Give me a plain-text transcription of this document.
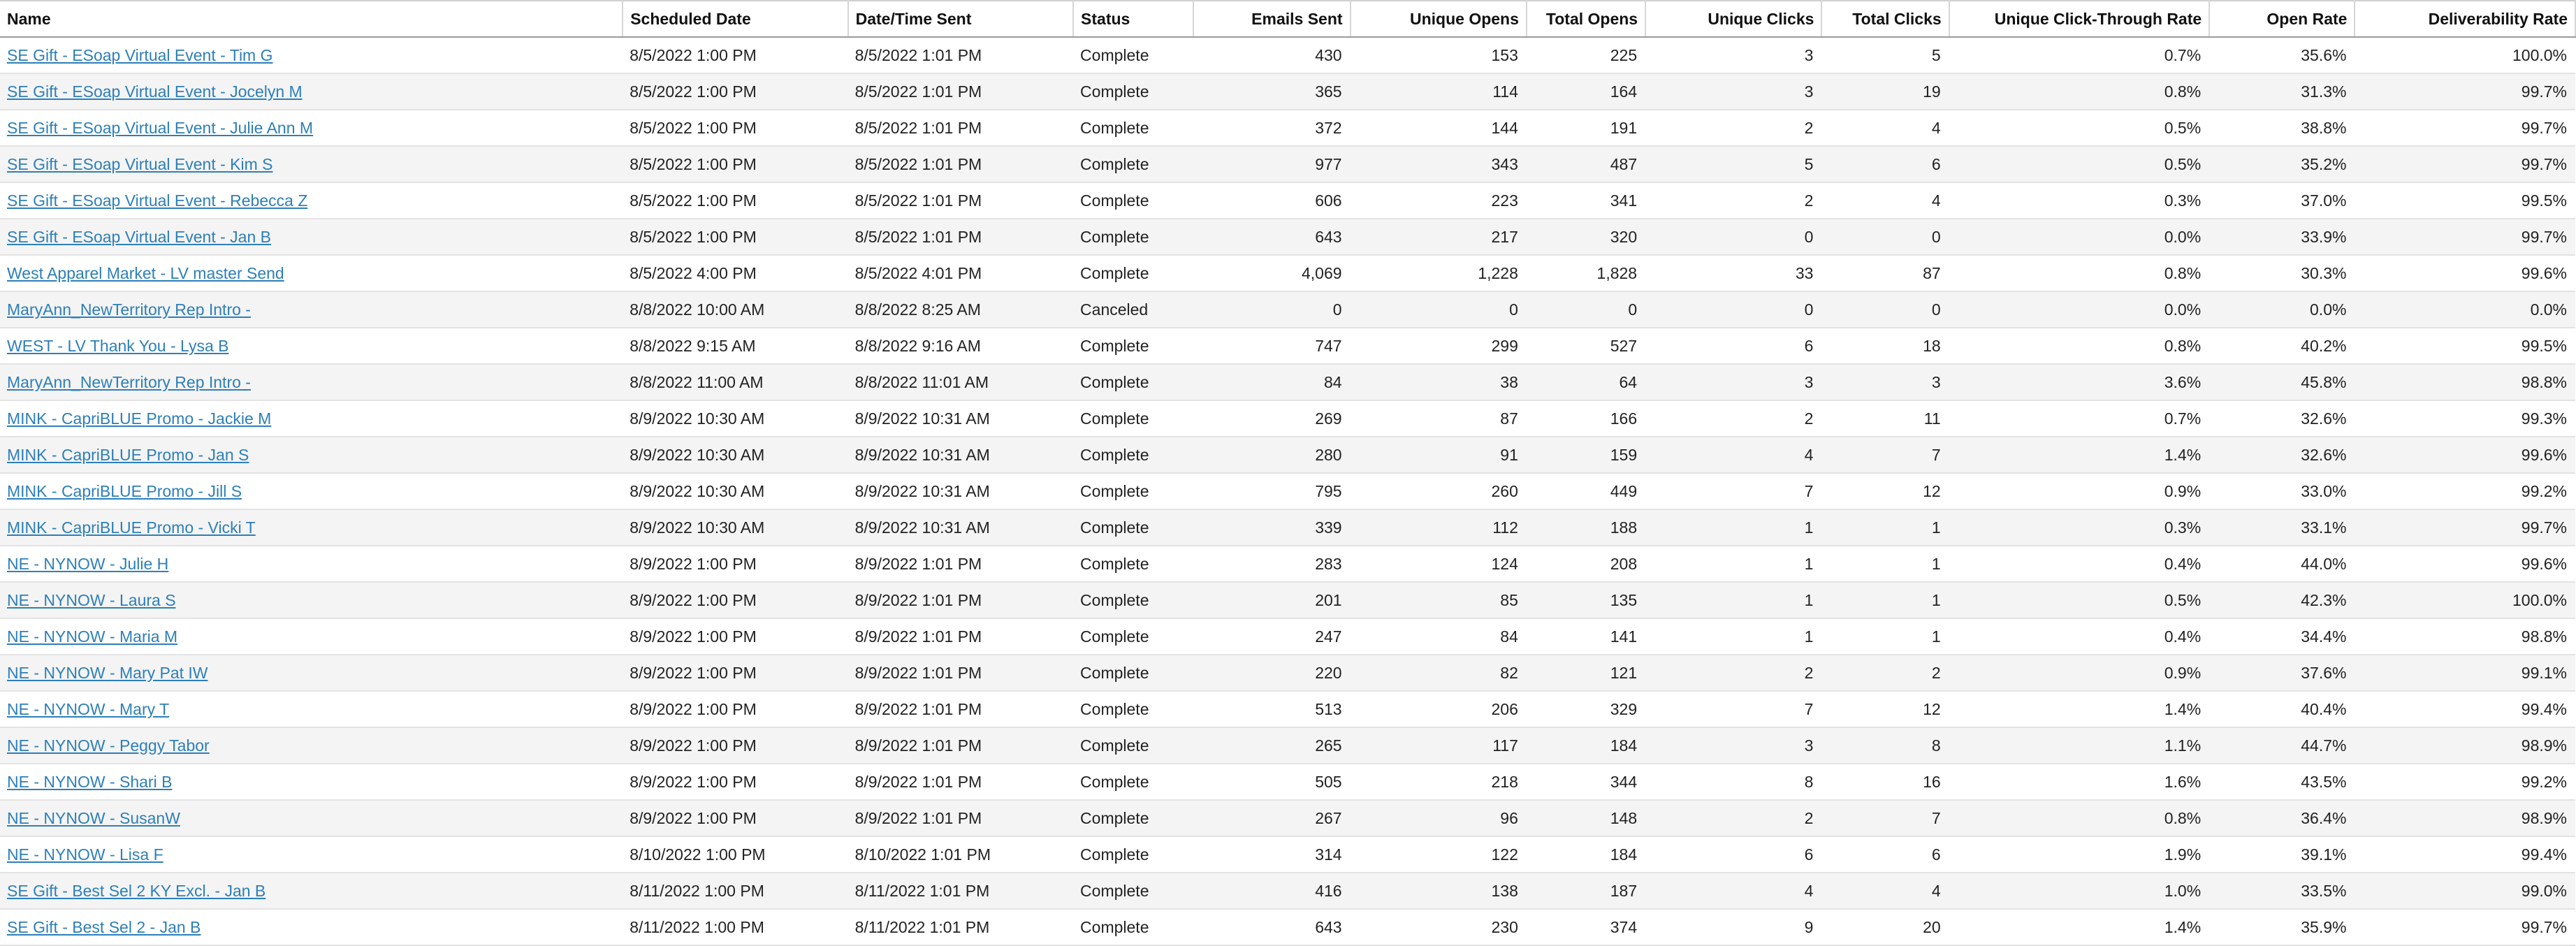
Name	Scheduled Date	Date/Time Sent	Status	Emails Sent	Unique Opens	Total Opens	Unique Clicks	Total Clicks	Unique Click-Through Rate	Open Rate	Deliverability Rate
SE Gift - ESoap Virtual Event - Tim G	8/5/2022 1:00 PM	8/5/2022 1:01 PM	Complete	430	153	225	3	5	0.7%	35.6%	100.0%
SE Gift - ESoap Virtual Event - Jocelyn M	8/5/2022 1:00 PM	8/5/2022 1:01 PM	Complete	365	114	164	3	19	0.8%	31.3%	99.7%
SE Gift - ESoap Virtual Event - Julie Ann M	8/5/2022 1:00 PM	8/5/2022 1:01 PM	Complete	372	144	191	2	4	0.5%	38.8%	99.7%
SE Gift - ESoap Virtual Event - Kim S	8/5/2022 1:00 PM	8/5/2022 1:01 PM	Complete	977	343	487	5	6	0.5%	35.2%	99.7%
SE Gift - ESoap Virtual Event - Rebecca Z	8/5/2022 1:00 PM	8/5/2022 1:01 PM	Complete	606	223	341	2	4	0.3%	37.0%	99.5%
SE Gift - ESoap Virtual Event - Jan B	8/5/2022 1:00 PM	8/5/2022 1:01 PM	Complete	643	217	320	0	0	0.0%	33.9%	99.7%
West Apparel Market - LV master Send	8/5/2022 4:00 PM	8/5/2022 4:01 PM	Complete	4,069	1,228	1,828	33	87	0.8%	30.3%	99.6%
MaryAnn_NewTerritory Rep Intro -	8/8/2022 10:00 AM	8/8/2022 8:25 AM	Canceled	0	0	0	0	0	0.0%	0.0%	0.0%
WEST - LV Thank You - Lysa B	8/8/2022 9:15 AM	8/8/2022 9:16 AM	Complete	747	299	527	6	18	0.8%	40.2%	99.5%
MaryAnn_NewTerritory Rep Intro -	8/8/2022 11:00 AM	8/8/2022 11:01 AM	Complete	84	38	64	3	3	3.6%	45.8%	98.8%
MINK - CapriBLUE Promo - Jackie M	8/9/2022 10:30 AM	8/9/2022 10:31 AM	Complete	269	87	166	2	11	0.7%	32.6%	99.3%
MINK - CapriBLUE Promo - Jan S	8/9/2022 10:30 AM	8/9/2022 10:31 AM	Complete	280	91	159	4	7	1.4%	32.6%	99.6%
MINK - CapriBLUE Promo - Jill S	8/9/2022 10:30 AM	8/9/2022 10:31 AM	Complete	795	260	449	7	12	0.9%	33.0%	99.2%
MINK - CapriBLUE Promo - Vicki T	8/9/2022 10:30 AM	8/9/2022 10:31 AM	Complete	339	112	188	1	1	0.3%	33.1%	99.7%
NE - NYNOW - Julie H	8/9/2022 1:00 PM	8/9/2022 1:01 PM	Complete	283	124	208	1	1	0.4%	44.0%	99.6%
NE - NYNOW - Laura S	8/9/2022 1:00 PM	8/9/2022 1:01 PM	Complete	201	85	135	1	1	0.5%	42.3%	100.0%
NE - NYNOW - Maria M	8/9/2022 1:00 PM	8/9/2022 1:01 PM	Complete	247	84	141	1	1	0.4%	34.4%	98.8%
NE - NYNOW - Mary Pat IW	8/9/2022 1:00 PM	8/9/2022 1:01 PM	Complete	220	82	121	2	2	0.9%	37.6%	99.1%
NE - NYNOW - Mary T	8/9/2022 1:00 PM	8/9/2022 1:01 PM	Complete	513	206	329	7	12	1.4%	40.4%	99.4%
NE - NYNOW - Peggy Tabor	8/9/2022 1:00 PM	8/9/2022 1:01 PM	Complete	265	117	184	3	8	1.1%	44.7%	98.9%
NE - NYNOW - Shari B	8/9/2022 1:00 PM	8/9/2022 1:01 PM	Complete	505	218	344	8	16	1.6%	43.5%	99.2%
NE - NYNOW - SusanW	8/9/2022 1:00 PM	8/9/2022 1:01 PM	Complete	267	96	148	2	7	0.8%	36.4%	98.9%
NE - NYNOW - Lisa F	8/10/2022 1:00 PM	8/10/2022 1:01 PM	Complete	314	122	184	6	6	1.9%	39.1%	99.4%
SE Gift - Best Sel 2 KY Excl. - Jan B	8/11/2022 1:00 PM	8/11/2022 1:01 PM	Complete	416	138	187	4	4	1.0%	33.5%	99.0%
SE Gift - Best Sel 2 - Jan B	8/11/2022 1:00 PM	8/11/2022 1:01 PM	Complete	643	230	374	9	20	1.4%	35.9%	99.7%
